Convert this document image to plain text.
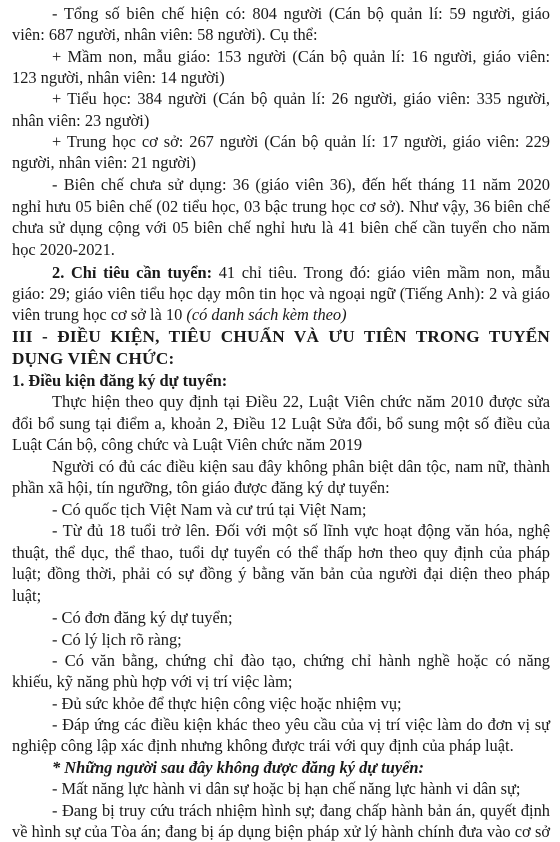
- Tổng số biên chế hiện có: 804 người (Cán bộ quản lí: 59 người, giáo
viên: 687 người, nhân viên: 58 người). Cụ thể:
+ Mầm non, mẫu giáo: 153 người (Cán bộ quản lí: 16 người, giáo viên:
123 người, nhân viên: 14 người)
+ Tiểu học: 384 người (Cán bộ quản lí: 26 người, giáo viên: 335 người,
nhân viên: 23 người)
+ Trung học cơ sở: 267 người (Cán bộ quản lí: 17 người, giáo viên: 229
người, nhân viên: 21 người)
- Biên chế chưa sử dụng: 36 (giáo viên 36), đến hết tháng 11 năm 2020
nghỉ hưu 05 biên chế (02 tiểu học, 03 bậc trung học cơ sở). Như vậy, 36 biên chế
chưa sử dụng cộng với 05 biên chế nghỉ hưu là 41 biên chế cần tuyển cho năm
học 2020-2021.
2. Chỉ tiêu cần tuyển: 41 chỉ tiêu. Trong đó: giáo viên mầm non, mẫu
giáo: 29; giáo viên tiểu học dạy môn tin học và ngoại ngữ (Tiếng Anh): 2 và giáo
viên trung học cơ sở là 10 (có danh sách kèm theo)
III - ĐIỀU KIỆN, TIÊU CHUẨN VÀ ƯU TIÊN TRONG TUYỂN
DỤNG VIÊN CHỨC:
1. Điều kiện đăng ký dự tuyển:
Thực hiện theo quy định tại Điều 22, Luật Viên chức năm 2010 được sửa
đổi bổ sung tại điểm a, khoản 2, Điều 12 Luật Sửa đổi, bổ sung một số điều của
Luật Cán bộ, công chức và Luật Viên chức năm 2019
Người có đủ các điều kiện sau đây không phân biệt dân tộc, nam nữ, thành
phần xã hội, tín ngưỡng, tôn giáo được đăng ký dự tuyển:
- Có quốc tịch Việt Nam và cư trú tại Việt Nam;
- Từ đủ 18 tuổi trở lên. Đối với một số lĩnh vực hoạt động văn hóa, nghệ
thuật, thể dục, thể thao, tuổi dự tuyển có thể thấp hơn theo quy định của pháp
luật; đồng thời, phải có sự đồng ý bằng văn bản của người đại diện theo pháp
luật;
- Có đơn đăng ký dự tuyển;
- Có lý lịch rõ ràng;
- Có văn bằng, chứng chỉ đào tạo, chứng chỉ hành nghề hoặc có năng
khiếu, kỹ năng phù hợp với vị trí việc làm;
- Đủ sức khỏe để thực hiện công việc hoặc nhiệm vụ;
- Đáp ứng các điều kiện khác theo yêu cầu của vị trí việc làm do đơn vị sự
nghiệp công lập xác định nhưng không được trái với quy định của pháp luật.
* Những người sau đây không được đăng ký dự tuyển:
- Mất năng lực hành vi dân sự hoặc bị hạn chế năng lực hành vi dân sự;
- Đang bị truy cứu trách nhiệm hình sự; đang chấp hành bản án, quyết định
về hình sự của Tòa án; đang bị áp dụng biện pháp xử lý hành chính đưa vào cơ sở
